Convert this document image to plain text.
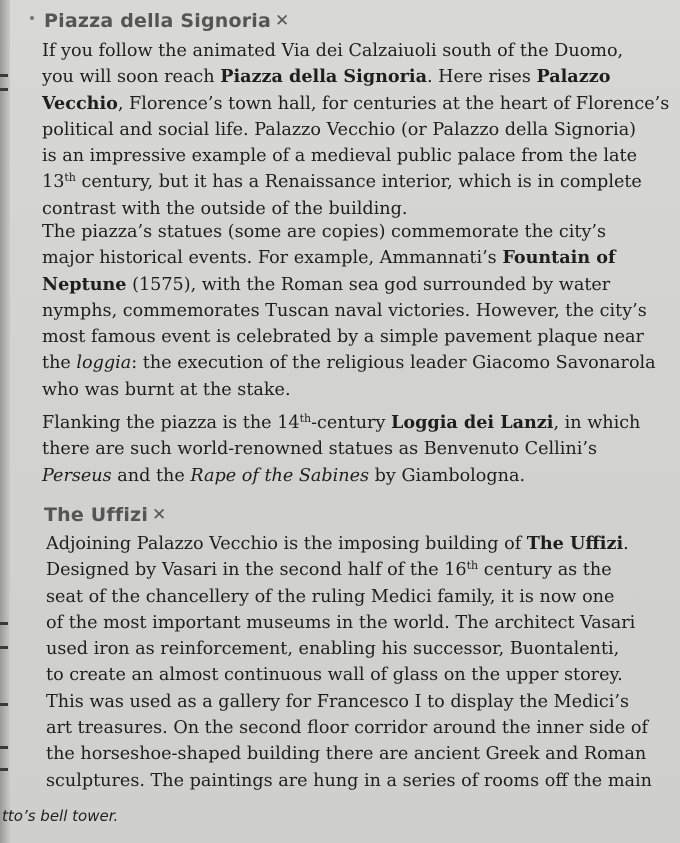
Piazza della Signoria ✕
If you follow the animated Via dei Calzaiuoli south of the Duomo,
you will soon reach Piazza della Signoria. Here rises Palazzo
Vecchio, Florence’s town hall, for centuries at the heart of Florence’s
political and social life. Palazzo Vecchio (or Palazzo della Signoria)
is an impressive example of a medieval public palace from the late
13th century, but it has a Renaissance interior, which is in complete
contrast with the outside of the building.
The piazza’s statues (some are copies) commemorate the city’s
major historical events. For example, Ammannati’s Fountain of
Neptune (1575), with the Roman sea god surrounded by water
nymphs, commemorates Tuscan naval victories. However, the city’s
most famous event is celebrated by a simple pavement plaque near
the loggia: the execution of the religious leader Giacomo Savonarola
who was burnt at the stake.
Flanking the piazza is the 14th-century Loggia dei Lanzi, in which
there are such world-renowned statues as Benvenuto Cellini’s
Perseus and the Rape of the Sabines by Giambologna.
The Uffizi ✕
Adjoining Palazzo Vecchio is the imposing building of The Uffizi.
Designed by Vasari in the second half of the 16th century as the
seat of the chancellery of the ruling Medici family, it is now one
of the most important museums in the world. The architect Vasari
used iron as reinforcement, enabling his successor, Buontalenti,
to create an almost continuous wall of glass on the upper storey.
This was used as a gallery for Francesco I to display the Medici’s
art treasures. On the second floor corridor around the inner side of
the horseshoe-shaped building there are ancient Greek and Roman
sculptures. The paintings are hung in a series of rooms off the main
tto’s bell tower.
